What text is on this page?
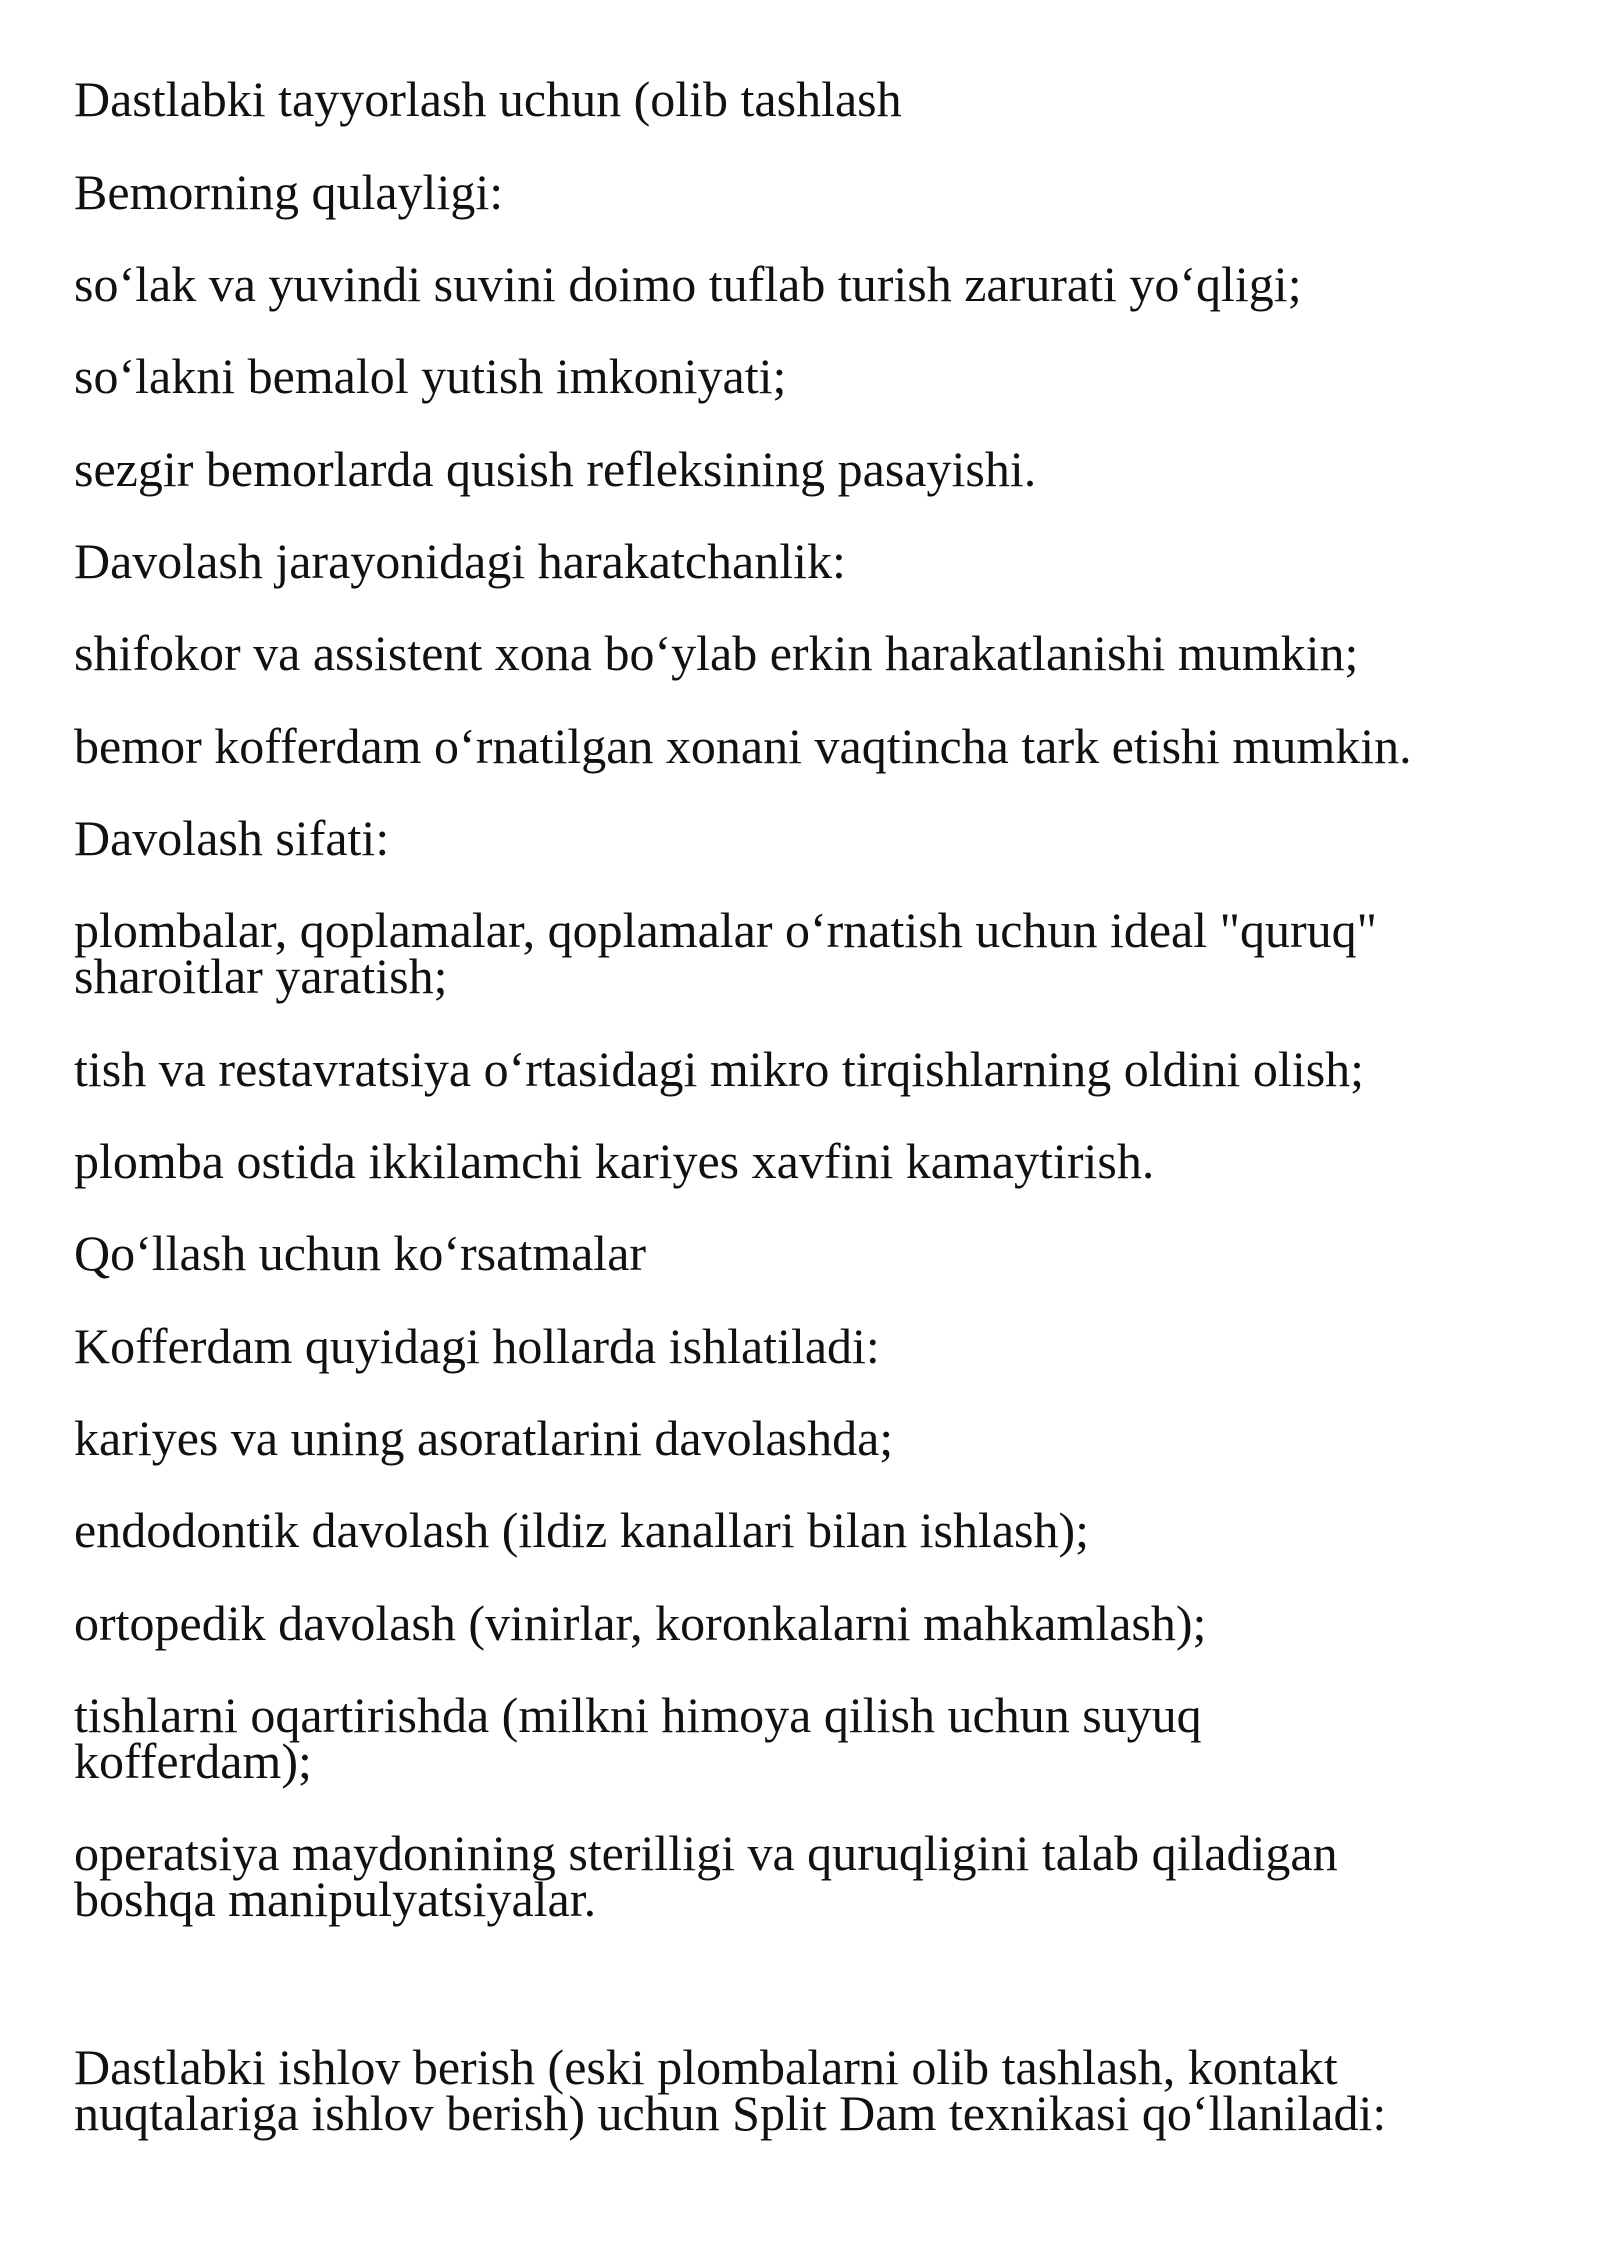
Dastlabki tayyorlash uchun (olib tashlash

Bemorning qulayligi:

so‘lak va yuvindi suvini doimo tuflab turish zarurati yo‘qligi;

so‘lakni bemalol yutish imkoniyati;

sezgir bemorlarda qusish refleksining pasayishi.

Davolash jarayonidagi harakatchanlik:

shifokor va assistent xona bo‘ylab erkin harakatlanishi mumkin;

bemor kofferdam o‘rnatilgan xonani vaqtincha tark etishi mumkin.

Davolash sifati:

plombalar, qoplamalar, qoplamalar o‘rnatish uchun ideal "quruq"
sharoitlar yaratish;

tish va restavratsiya o‘rtasidagi mikro tirqishlarning oldini olish;

plomba ostida ikkilamchi kariyes xavfini kamaytirish.

Qo‘llash uchun ko‘rsatmalar

Kofferdam quyidagi hollarda ishlatiladi:

kariyes va uning asoratlarini davolashda;

endodontik davolash (ildiz kanallari bilan ishlash);

ortopedik davolash (vinirlar, koronkalarni mahkamlash);

tishlarni oqartirishda (milkni himoya qilish uchun suyuq
kofferdam);

operatsiya maydonining sterilligi va quruqligini talab qiladigan
boshqa manipulyatsiyalar.

Dastlabki ishlov berish (eski plombalarni olib tashlash, kontakt
nuqtalariga ishlov berish) uchun Split Dam texnikasi qo‘llaniladi:
